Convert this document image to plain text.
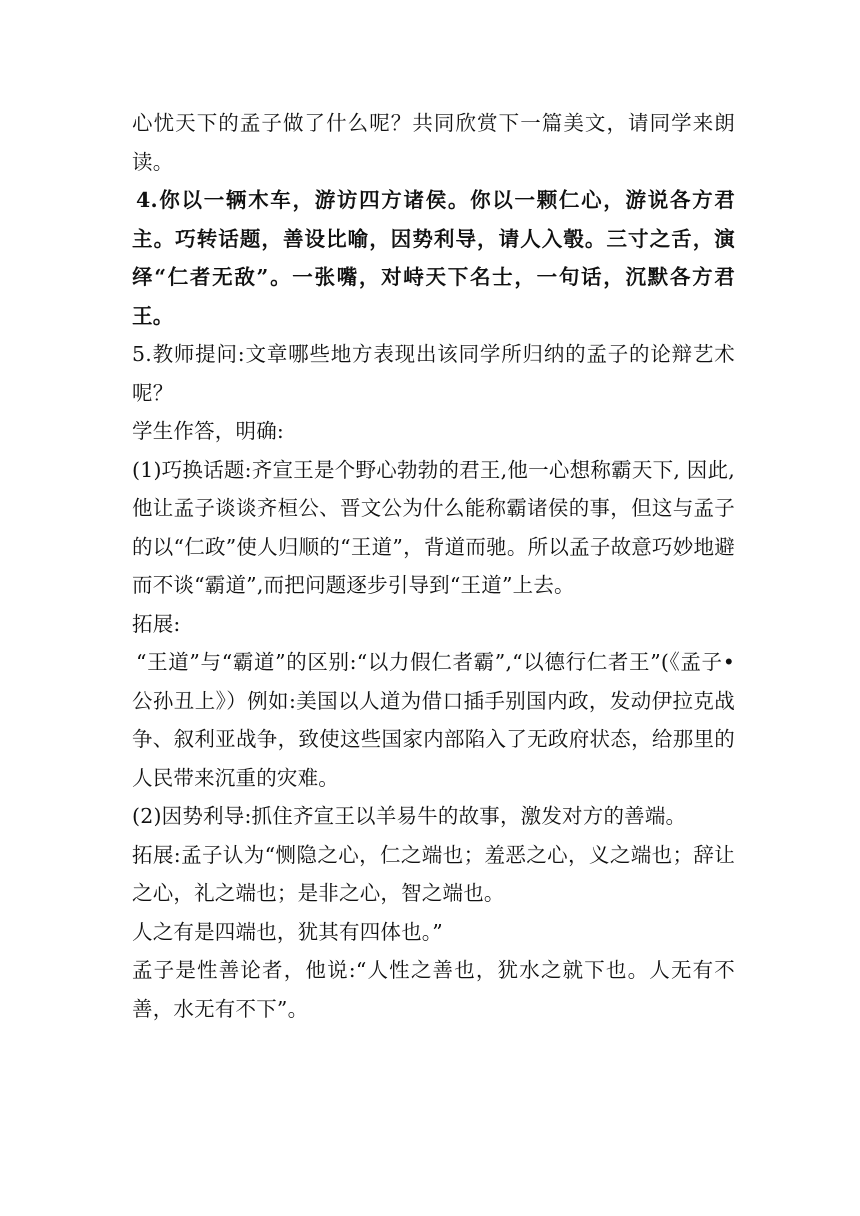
心忧天下的孟子做了什么呢？共同欣赏下一篇美文，请同学来朗读。

4.你以一辆木车，游访四方诸侯。你以一颗仁心，游说各方君主。巧转话题，善设比喻，因势利导，请人入彀。三寸之舌，演绎“仁者无敌”。一张嘴，对峙天下名士，一句话，沉默各方君王。

5.教师提问:文章哪些地方表现出该同学所归纳的孟子的论辩艺术呢？

学生作答，明确:

(1)巧换话题:齐宣王是个野心勃勃的君王,他一心想称霸天下, 因此,他让孟子谈谈齐桓公、晋文公为什么能称霸诸侯的事，但这与孟子的以“仁政”使人归顺的“王道”，背道而驰。所以孟子故意巧妙地避而不谈“霸道”,而把问题逐步引导到“王道”上去。

拓展:

“王道”与“霸道”的区别:“以力假仁者霸”,“以德行仁者王”(《孟子•公孙丑上》）例如:美国以人道为借口插手别国内政，发动伊拉克战争、叙利亚战争，致使这些国家内部陷入了无政府状态，给那里的人民带来沉重的灾难。

(2)因势利导:抓住齐宣王以羊易牛的故事，激发对方的善端。

拓展:孟子认为“恻隐之心，仁之端也；羞恶之心，义之端也；辞让之心，礼之端也；是非之心，智之端也。

人之有是四端也，犹其有四体也。”

孟子是性善论者，他说:“人性之善也，犹水之就下也。人无有不善，水无有不下”。
